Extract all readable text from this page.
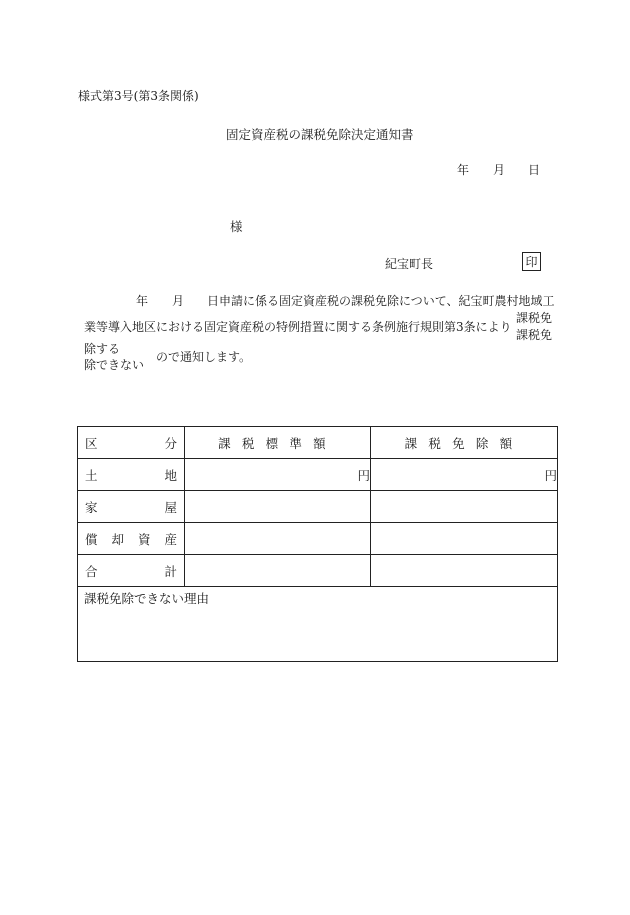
様式第3号(第3条関係)
固定資産税の課税免除決定通知書
年 月 日
様
紀宝町長	印
年 月 日申請に係る固定資産税の課税免除について、紀宝町農村地域工
業等導入地区における固定資産税の特例措置に関する条例施行規則第3条により
課税免
課税免
除する
除できない
ので通知します。
区 分	課税標準額	課税免除額

土 地	円	円

家 屋		

償 却 資 産		

合 計		

課税免除できない理由		
